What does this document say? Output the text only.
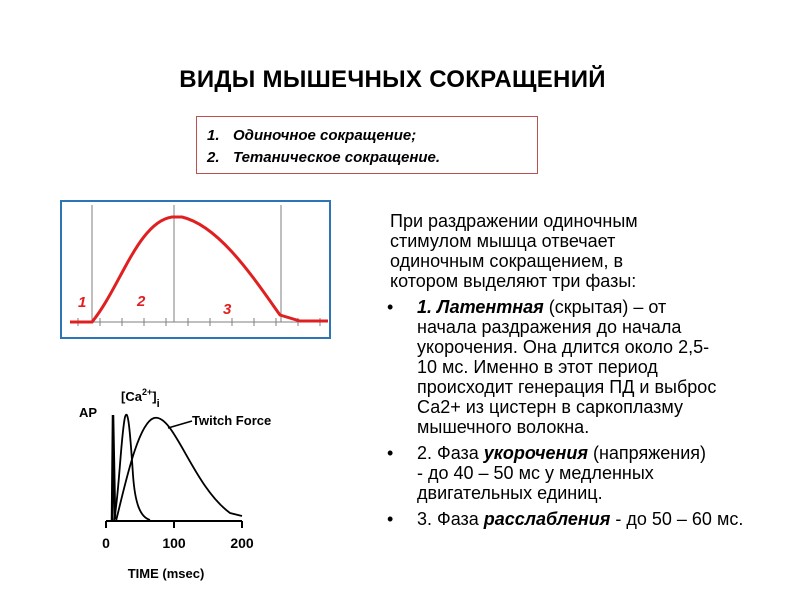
ВИДЫ МЫШЕЧНЫХ СОКРАЩЕНИЙ
1. Одиночное сокращение;
2. Тетаническое сокращение.
1	2	3
AP
$[Ca^{2+}]_i$
Twitch Force
0	100	200
TIME (msec)
При раздражении одиночным
стимулом мышца отвечает
одиночным сокращением, в
котором выделяют три фазы:
• 1. Латентная (скрытая) – от
начала раздражения до начала
укорочения. Она длится около 2,5-
10 мс. Именно в этот период
происходит генерация ПД и выброс
Са2+ из цистерн в саркоплазму
мышечного волокна.
• 2. Фаза укорочения (напряжения)
- до 40 – 50 мс у медленных
двигательных единиц.
• 3. Фаза расслабления - до 50 – 60 мс.
